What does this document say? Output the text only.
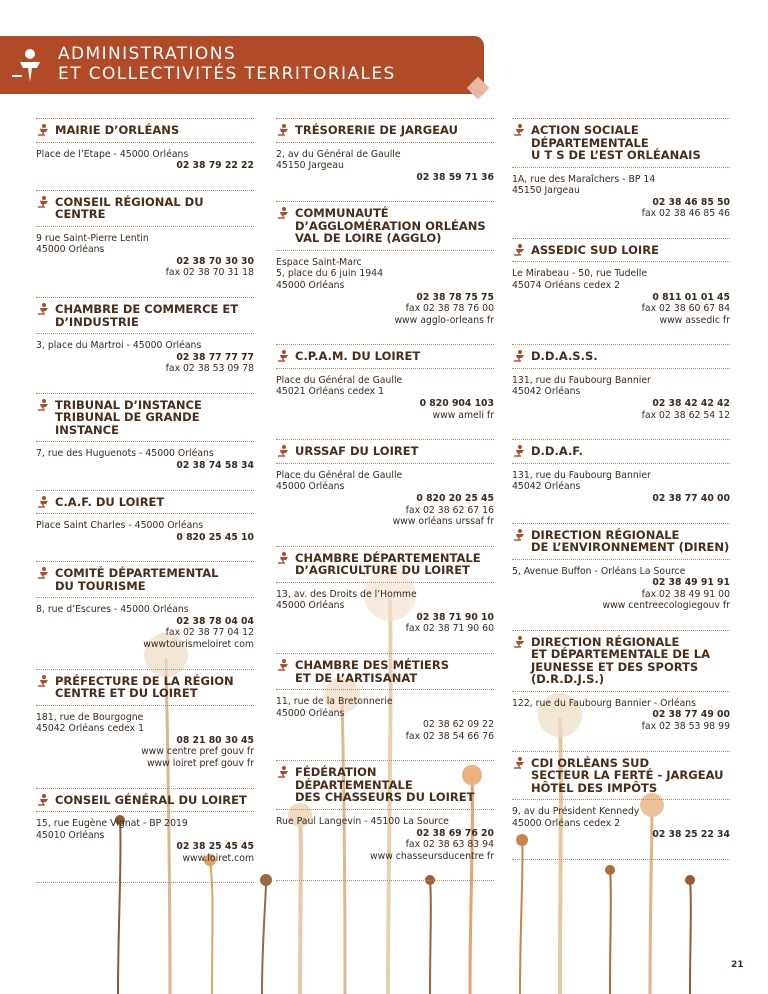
ADMINISTRATIONS
ET COLLECTIVITÉS TERRITORIALES
MAIRIE D’ORLÉANS
Place de l’Etape - 45000 Orléans
02 38 79 22 22
CONSEIL RÉGIONAL DU CENTRE
9 rue Saint-Pierre Lentin
45000 Orléans
02 38 70 30 30
fax 02 38 70 31 18
CHAMBRE DE COMMERCE ET
D’INDUSTRIE
3, place du Martroi - 45000 Orléans
02 38 77 77 77
fax 02 38 53 09 78
TRIBUNAL D’INSTANCE
TRIBUNAL DE GRANDE INSTANCE
7, rue des Huguenots - 45000 Orléans
02 38 74 58 34
C.A.F. DU LOIRET
Place Saint Charles - 45000 Orléans
0 820 25 45 10
COMITÉ DÉPARTEMENTAL
DU TOURISME
8, rue d’Escures - 45000 Orléans
02 38 78 04 04
fax 02 38 77 04 12
wwwtourismeloiret com
PRÉFECTURE DE LA RÉGION
CENTRE ET DU LOIRET
181, rue de Bourgogne
45042 Orléans cedex 1
08 21 80 30 45
www centre pref gouv fr
www loiret pref gouv fr
CONSEIL GÉNÉRAL DU LOIRET
15, rue Eugène Vignat - BP 2019
45010 Orléans
02 38 25 45 45
www.loiret.com
TRÉSORERIE DE JARGEAU
2, av du Général de Gaulle
45150 Jargeau
02 38 59 71 36
COMMUNAUTÉ
D’AGGLOMÉRATION ORLÉANS
VAL DE LOIRE (AGGLO)
Espace Saint-Marc
5, place du 6 juin 1944
45000 Orléans
02 38 78 75 75
fax 02 38 78 76 00
www agglo-orleans fr
C.P.A.M. DU LOIRET
Place du Général de Gaulle
45021 Orléans cedex 1
0 820 904 103
www ameli fr
URSSAF DU LOIRET
Place du Général de Gaulle
45000 Orléans
0 820 20 25 45
fax 02 38 62 67 16
www orléans urssaf fr
CHAMBRE DÉPARTEMENTALE
D’AGRICULTURE DU LOIRET
13, av. des Droits de l’Homme
45000 Orléans
02 38 71 90 10
fax 02 38 71 90 60
CHAMBRE DES MÉTIERS
ET DE L’ARTISANAT
11, rue de la Bretonnerie
45000 Orléans
02 38 62 09 22
fax 02 38 54 66 76
FÉDÉRATION DÉPARTEMENTALE
DES CHASSEURS DU LOIRET
Rue Paul Langevin - 45100 La Source
02 38 69 76 20
fax 02 38 63 83 94
www chasseursducentre fr
ACTION SOCIALE DÉPARTEMENTALE
U T S DE L’EST ORLÉANAIS
1A, rue des Maraîchers - BP 14
45150 Jargeau
02 38 46 85 50
fax 02 38 46 85 46
ASSEDIC SUD LOIRE
Le Mirabeau - 50, rue Tudelle
45074 Orléans cedex 2
0 811 01 01 45
fax 02 38 60 67 84
www assedic fr
D.D.A.S.S.
131, rue du Faubourg Bannier
45042 Orléans
02 38 42 42 42
fax 02 38 62 54 12
D.D.A.F.
131, rue du Faubourg Bannier
45042 Orléans
02 38 77 40 00
DIRECTION RÉGIONALE
DE L’ENVIRONNEMENT (DIREN)
5, Avenue Buffon - Orléans La Source
02 38 49 91 91
fax 02 38 49 91 00
www centreecologiegouv fr
DIRECTION RÉGIONALE
ET DÉPARTEMENTALE DE LA
JEUNESSE ET DES SPORTS
(D.R.D.J.S.)
122, rue du Faubourg Bannier - Orléans
02 38 77 49 00
fax 02 38 53 98 99
CDI ORLÉANS SUD
SECTEUR LA FERTÉ - JARGEAU
HÔTEL DES IMPÔTS
9, av du Président Kennedy
45000 Orléans cedex 2
02 38 25 22 34
21
